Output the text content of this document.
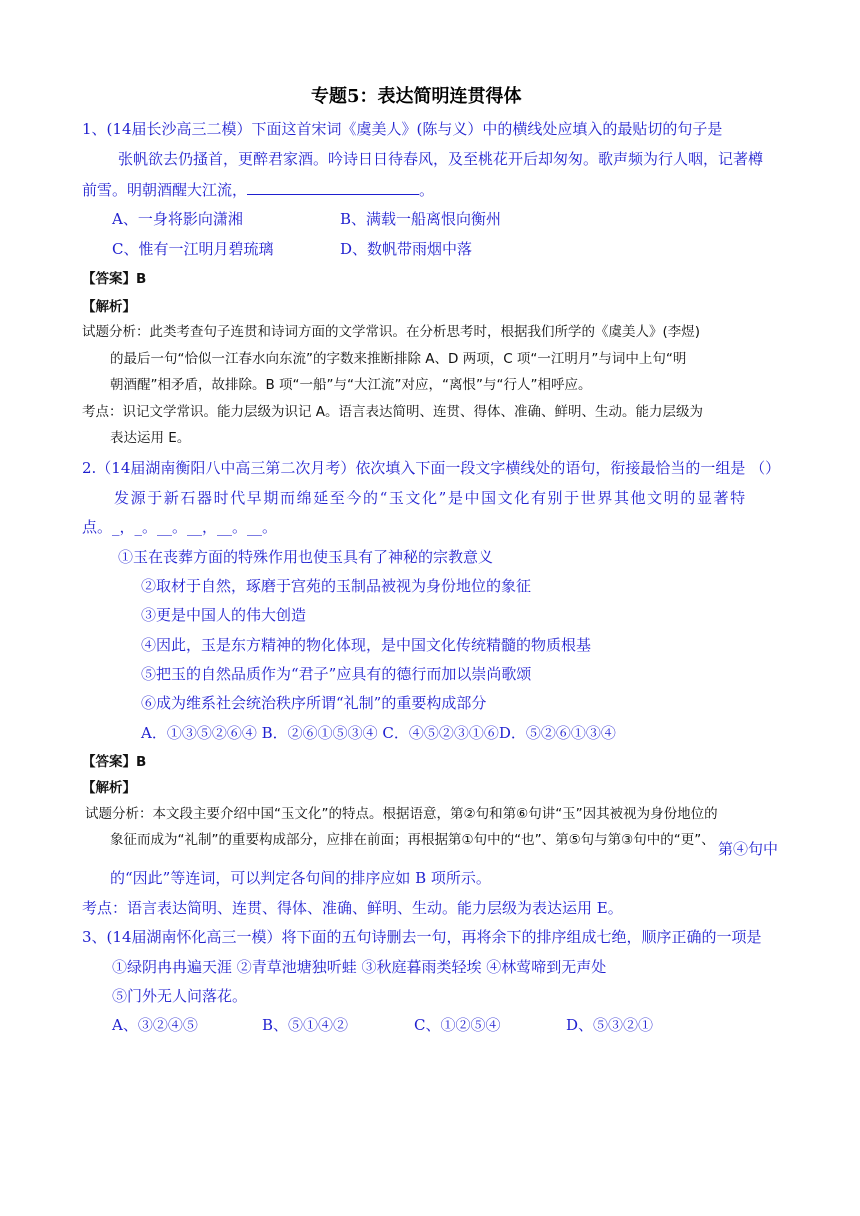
专题5：表达简明连贯得体
1、(14届长沙高三二模）下面这首宋词《虞美人》(陈与义）中的横线处应填入的最贴切的句子是
张帆欲去仍搔首，更醉君家酒。吟诗日日待春风，及至桃花开后却匆匆。歌声频为行人咽，记著樽
前雪。明朝酒醒大江流，	。
A、一身将影向潇湘	B、满载一船离恨向衡州
C、惟有一江明月碧琉璃	D、数帆带雨烟中落
【答案】B
【解析】
试题分析：此类考查句子连贯和诗词方面的文学常识。在分析思考时，根据我们所学的《虞美人》(李煜)
的最后一句“恰似一江春水向东流”的字数来推断排除 A、D 两项，C 项“一江明月”与词中上句“明
朝酒醒”相矛盾，故排除。B 项“一船”与“大江流”对应，“离恨”与“行人”相呼应。
考点：识记文学常识。能力层级为识记 A。语言表达简明、连贯、得体、准确、鲜明、生动。能力层级为
表达运用 E。
2.（14届湖南衡阳八中高三第二次月考）依次填入下面一段文字横线处的语句，衔接最恰当的一组是 （）
发源于新石器时代早期而绵延至今的“玉文化”是中国文化有别于世界其他文明的显著特
点。_，_。__。__，__。__。
①玉在丧葬方面的特殊作用也使玉具有了神秘的宗教意义
②取材于自然，琢磨于宫苑的玉制品被视为身份地位的象征
③更是中国人的伟大创造
④因此，玉是东方精神的物化体现，是中国文化传统精髓的物质根基
⑤把玉的自然品质作为“君子”应具有的德行而加以崇尚歌颂
⑥成为维系社会统治秩序所谓“礼制”的重要构成部分
A．①③⑤②⑥④ B．②⑥①⑤③④ C．④⑤②③①⑥D．⑤②⑥①③④
【答案】B
【解析】
试题分析：本文段主要介绍中国“玉文化”的特点。根据语意，第②句和第⑥句讲“玉”因其被视为身份地位的
象征而成为“礼制”的重要构成部分，应排在前面；再根据第①句中的“也”、第⑤句与第③句中的“更”、 第④句中
的“因此”等连词，可以判定各句间的排序应如 B 项所示。
考点：语言表达简明、连贯、得体、准确、鲜明、生动。能力层级为表达运用 E。
3、(14届湖南怀化高三一模）将下面的五句诗删去一句，再将余下的排序组成七绝，顺序正确的一项是
①绿阴冉冉遍天涯 ②青草池塘独听蛙 ③秋庭暮雨类轻埃 ④林莺啼到无声处
⑤门外无人问落花。
A、③②④⑤	B、⑤①④②	C、①②⑤④	D、⑤③②①
